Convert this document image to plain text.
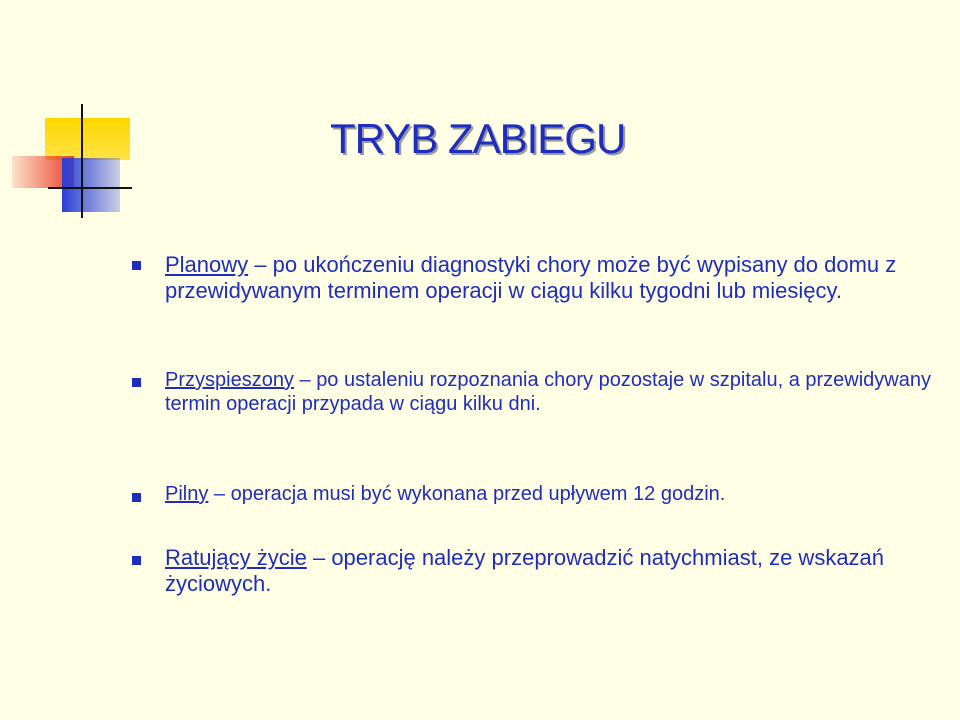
TRYB ZABIEGU
Planowy – po ukończeniu diagnostyki chory może być wypisany do domu z przewidywanym terminem operacji w ciągu kilku tygodni lub miesięcy.
Przyspieszony – po ustaleniu rozpoznania chory pozostaje w szpitalu, a przewidywany termin operacji przypada w ciągu kilku dni.
Pilny – operacja musi być wykonana przed upływem 12 godzin.
Ratujący życie – operację należy przeprowadzić natychmiast, ze wskazań życiowych.
